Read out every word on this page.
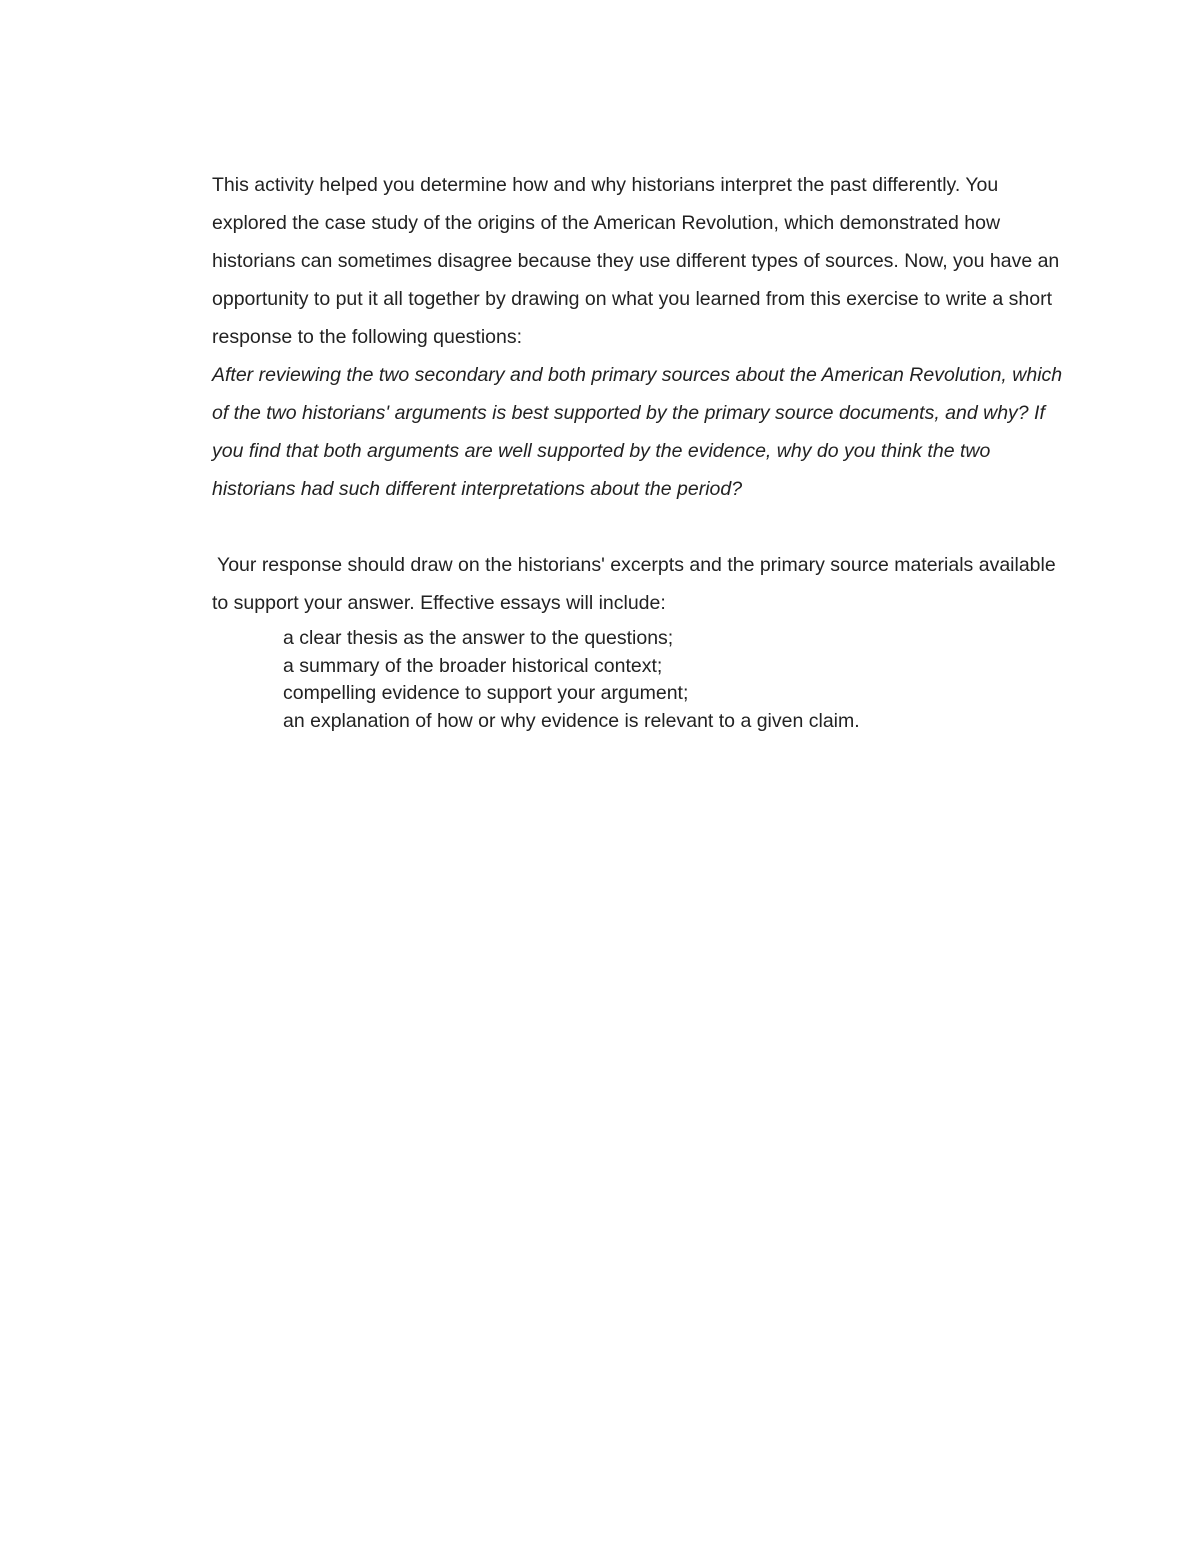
This activity helped you determine how and why historians interpret the past differently. You explored the case study of the origins of the American Revolution, which demonstrated how historians can sometimes disagree because they use different types of sources. Now, you have an opportunity to put it all together by drawing on what you learned from this exercise to write a short response to the following questions:

After reviewing the two secondary and both primary sources about the American Revolution, which of the two historians' arguments is best supported by the primary source documents, and why? If you find that both arguments are well supported by the evidence, why do you think the two historians had such different interpretations about the period?

Your response should draw on the historians' excerpts and the primary source materials available to support your answer. Effective essays will include:

a clear thesis as the answer to the questions;
a summary of the broader historical context;
compelling evidence to support your argument;
an explanation of how or why evidence is relevant to a given claim.
